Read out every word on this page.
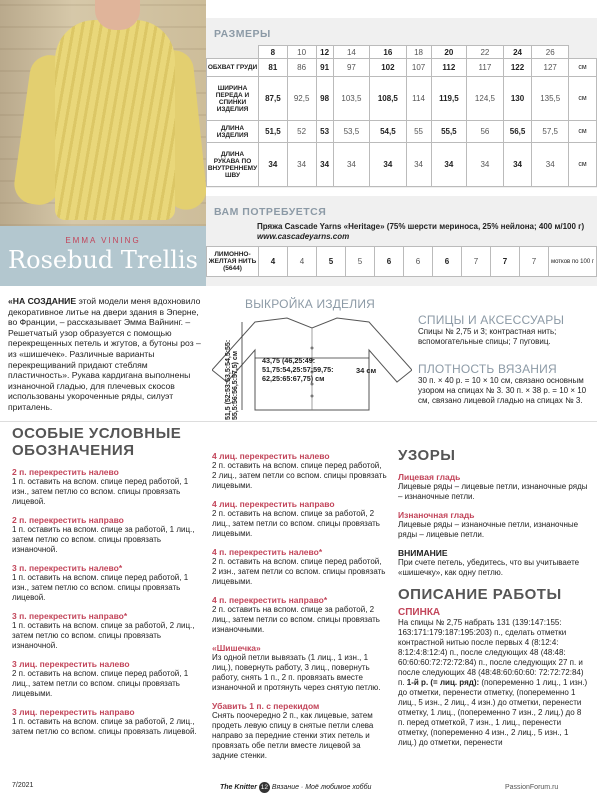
EMMA VINING
Rosebud Trellis
«НА СОЗДАНИЕ этой модели меня вдохновило декоративное литье на двери здания в Эпернe, во Франции, – рассказывает Эмма Вайнинг. – Решетчатый узор образуется с помощью перекрещенных петель и жгутов, а бутоны роз – из «шишечек». Различные варианты перекрещиваний придают стеблям пластичность». Рукава кардигана выполнены изнаночной гладью, для плечевых скосов использованы укороченные ряды, силуэт приталень.
РАЗМЕРЫ
	8	10	12	14	16	18	20	22	24	26	
ОБХВАТ ГРУДИ	81	86	91	97	102	107	112	117	122	127	см
ШИРИНА ПЕРЕДА И СПИНКИ ИЗДЕЛИЯ	87,5	92,5	98	103,5	108,5	114	119,5	124,5	130	135,5	см
ДЛИНА ИЗДЕЛИЯ	51,5	52	53	53,5	54,5	55	55,5	56	56,5	57,5	см
ДЛИНА РУКАВА ПО ВНУТРЕННЕМУ ШВУ	34	34	34	34	34	34	34	34	34	34	см
ВАМ ПОТРЕБУЕТСЯ
Пряжа Cascade Yarns «Heritage» (75% шерсти мериноса, 25% нейлона; 400 м/100 г)
www.cascadeyarns.com
ЛИМОННО-ЖЕЛТАЯ НИТЬ (5644)	4	4	5	5	6	6	6	7	7	7	мотков по 100 г
ВЫКРОЙКА ИЗДЕЛИЯ
43,75 (46,25:49: 51,75:54,25:57:59,75: 62,25:65:67,75) см
51,5 (52:53:53,5:54,5:55: 55,5:56:56,5:57,5) см	34 см
СПИЦЫ И АКСЕССУАРЫ
Спицы № 2,75 и 3; контрастная нить; вспомогательные спицы; 7 пуговиц.
ПЛОТНОСТЬ ВЯЗАНИЯ
30 п. × 40 р. = 10 × 10 см, связано основным узором на спицах № 3. 30 п. × 38 р. = 10 × 10 см, связано лицевой гладью на спицах № 3.
ОСОБЫЕ УСЛОВНЫЕ ОБОЗНАЧЕНИЯ
2 п. перекрестить налево
1 п. оставить на вспом. спице перед работой, 1 изн., затем петлю со вспом. спицы провязать лицевой.
2 п. перекрестить направо
1 п. оставить на вспом. спице за работой, 1 лиц., затем петлю со вспом. спицы провязать изнаночной.
3 п. перекрестить налево*
1 п. оставить на вспом. спице перед работой, 1 изн., затем петлю со вспом. спицы провязать лицевой.
3 п. перекрестить направо*
1 п. оставить на вспом. спице за работой, 2 лиц., затем петлю со вспом. спицы провязать изнаночной.
3 лиц. перекрестить налево
2 п. оставить на вспом. спице перед работой, 1 лиц., затем петли со вспом. спицы провязать лицевыми.
3 лиц. перекрестить направо
1 п. оставить на вспом. спице за работой, 2 лиц., затем петлю со вспом. спицы провязать лицевой.
4 лиц. перекрестить налево
2 п. оставить на вспом. спице перед работой, 2 лиц., затем петли со вспом. спицы провязать лицевыми.
4 лиц. перекрестить направо
2 п. оставить на вспом. спице за работой, 2 лиц., затем петли со вспом. спицы провязать лицевыми.
4 п. перекрестить налево*
2 п. оставить на вспом. спице перед работой, 2 изн., затем петли со вспом. спицы провязать лицевыми.
4 п. перекрестить направо*
2 п. оставить на вспом. спице за работой, 2 лиц., затем петли со вспом. спицы провязать изнаночными.
«Шишечка»
Из одной петли вывязать (1 лиц., 1 изн., 1 лиц.), повернуть работу, 3 лиц., повернуть работу, снять 1 п., 2 п. провязать вместе изнаночной и протянуть через снятую петлю.
Убавить 1 п. с перекидом
Снять поочередно 2 п., как лицевые, затем продеть левую спицу в снятые петли слева направо за передние стенки этих петель и провязать обе петли вместе лицевой за задние стенки.
УЗОРЫ
Лицевая гладь
Лицевые ряды – лицевые петли, изнаночные ряды – изнаночные петли.
Изнаночная гладь
Лицевые ряды – изнаночные петли, изнаночные ряды – лицевые петли.
ВНИМАНИЕ
При счете петель, убедитесь, что вы учитываете «шишечку», как одну петлю.
ОПИСАНИЕ РАБОТЫ
СПИНКА
На спицы № 2,75 набрать 131 (139:147:155: 163:171:179:187:195:203) п., сделать отметки контрастной нитью после первых 4 (8:12:4: 8:12:4:8:12:4) п., после следующих 48 (48:48: 60:60:60:72:72:72:84) п., после следующих 27 п. и после следующих 48 (48:48:60:60:60: 72:72:72:84) п. 1-й р. (= лиц. ряд): (попеременно 1 лиц., 1 изн.) до отметки, перенести отметку, (попеременно 1 лиц., 5 изн., 2 лиц., 4 изн.) до отметки, перенести отметку, 1 лиц., (попеременно 7 изн., 2 лиц.) до 8 п. перед отметкой, 7 изн., 1 лиц., перенести отметку, (попеременно 4 изн., 2 лиц., 5 изн., 1 лиц.) до отметки, перенести
7/2021	The Knitter 12 Вязание · Моё любимое хобби	PassionForum.ru
